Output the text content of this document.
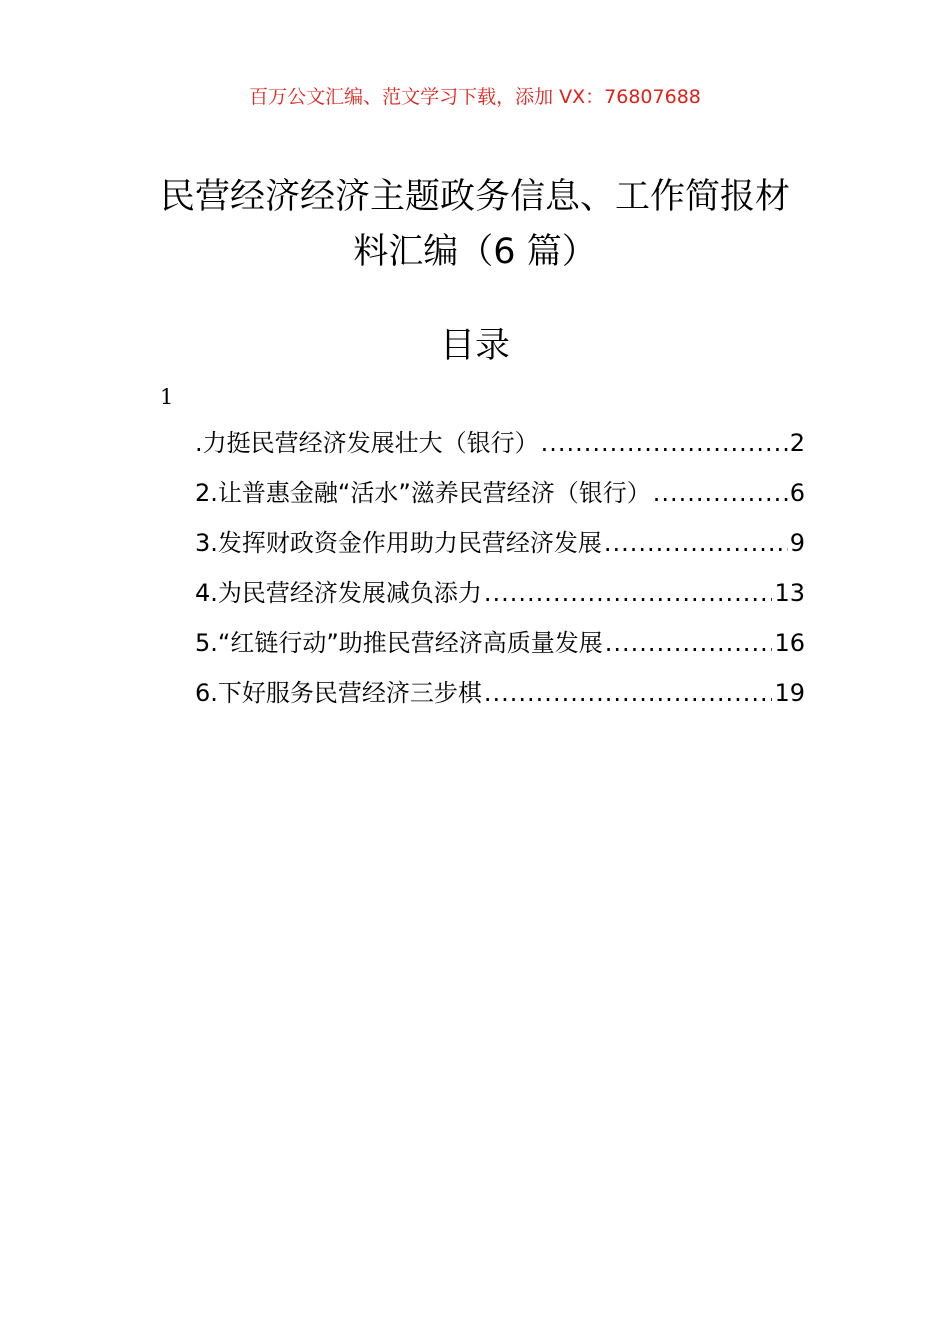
百万公文汇编、范文学习下载，添加 VX：76807688
民营经济经济主题政务信息、工作简报材
料汇编（6 篇）
目录
1
.力挺民营经济发展壮大（银行） .....	2
2.让普惠金融“活水”滋养民营经济（银行） .....	6
3.发挥财政资金作用助力民营经济发展 .....	9
4.为民营经济发展减负添力 .....	13
5.“红链行动”助推民营经济高质量发展 .....	16
6.下好服务民营经济三步棋 .....	19
